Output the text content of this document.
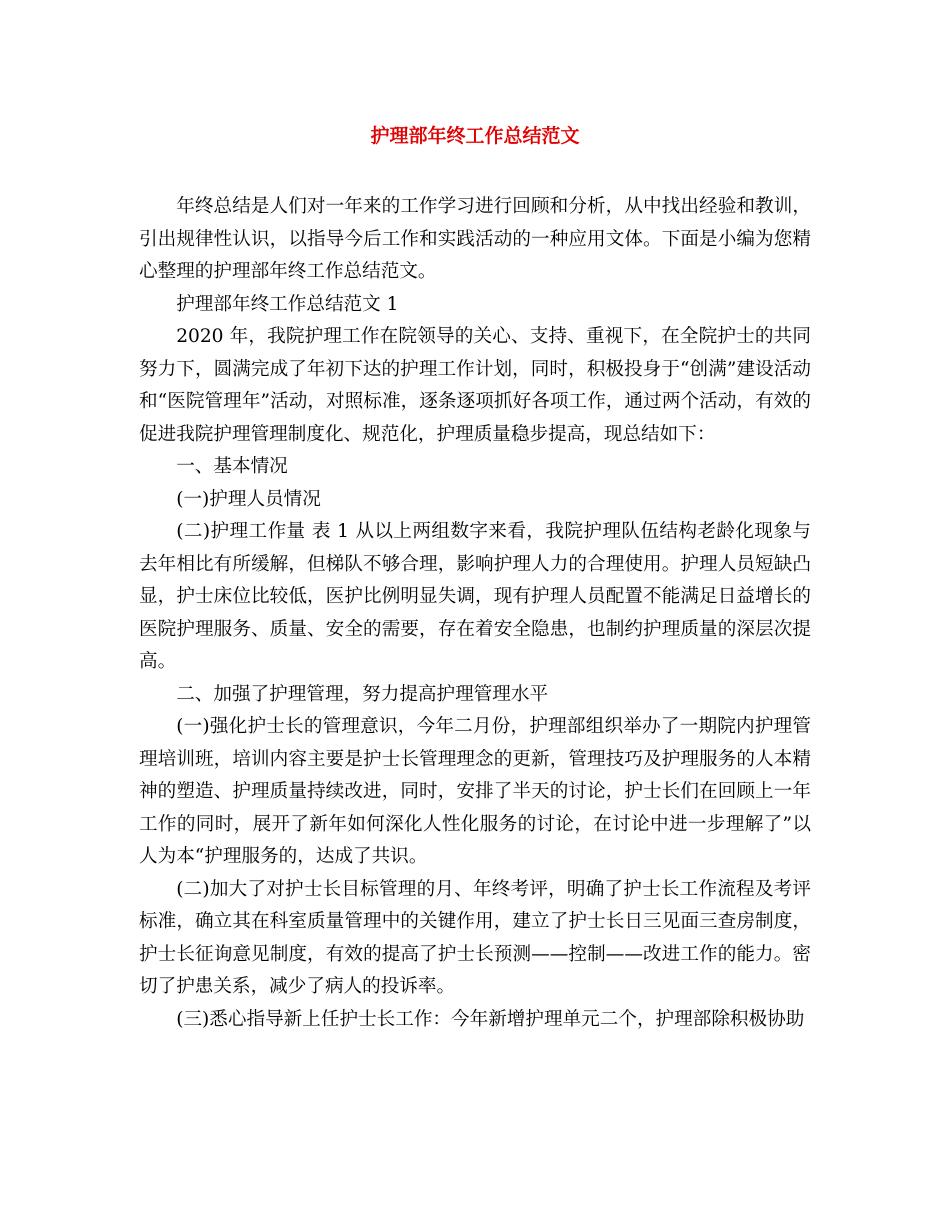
护理部年终工作总结范文

年终总结是人们对一年来的工作学习进行回顾和分析，从中找出经验和教训，引出规律性认识，以指导今后工作和实践活动的一种应用文体。下面是小编为您精心整理的护理部年终工作总结范文。

护理部年终工作总结范文 1

2020 年，我院护理工作在院领导的关心、支持、重视下，在全院护士的共同努力下，圆满完成了年初下达的护理工作计划，同时，积极投身于“创满”建设活动和“医院管理年”活动，对照标准，逐条逐项抓好各项工作，通过两个活动，有效的促进我院护理管理制度化、规范化，护理质量稳步提高，现总结如下：

一、基本情况

(一)护理人员情况

(二)护理工作量 表 1 从以上两组数字来看，我院护理队伍结构老龄化现象与去年相比有所缓解，但梯队不够合理，影响护理人力的合理使用。护理人员短缺凸显，护士床位比较低，医护比例明显失调，现有护理人员配置不能满足日益增长的医院护理服务、质量、安全的需要，存在着安全隐患，也制约护理质量的深层次提高。

二、加强了护理管理，努力提高护理管理水平

(一)强化护士长的管理意识，今年二月份，护理部组织举办了一期院内护理管理培训班，培训内容主要是护士长管理理念的更新，管理技巧及护理服务的人本精神的塑造、护理质量持续改进，同时，安排了半天的讨论，护士长们在回顾上一年工作的同时，展开了新年如何深化人性化服务的讨论，在讨论中进一步理解了”以人为本“护理服务的，达成了共识。

(二)加大了对护士长目标管理的月、年终考评，明确了护士长工作流程及考评标准，确立其在科室质量管理中的关键作用，建立了护士长日三见面三查房制度，护士长征询意见制度，有效的提高了护士长预测——控制——改进工作的能力。密切了护患关系，减少了病人的投诉率。

(三)悉心指导新上任护士长工作：今年新增护理单元二个，护理部除积极协助
